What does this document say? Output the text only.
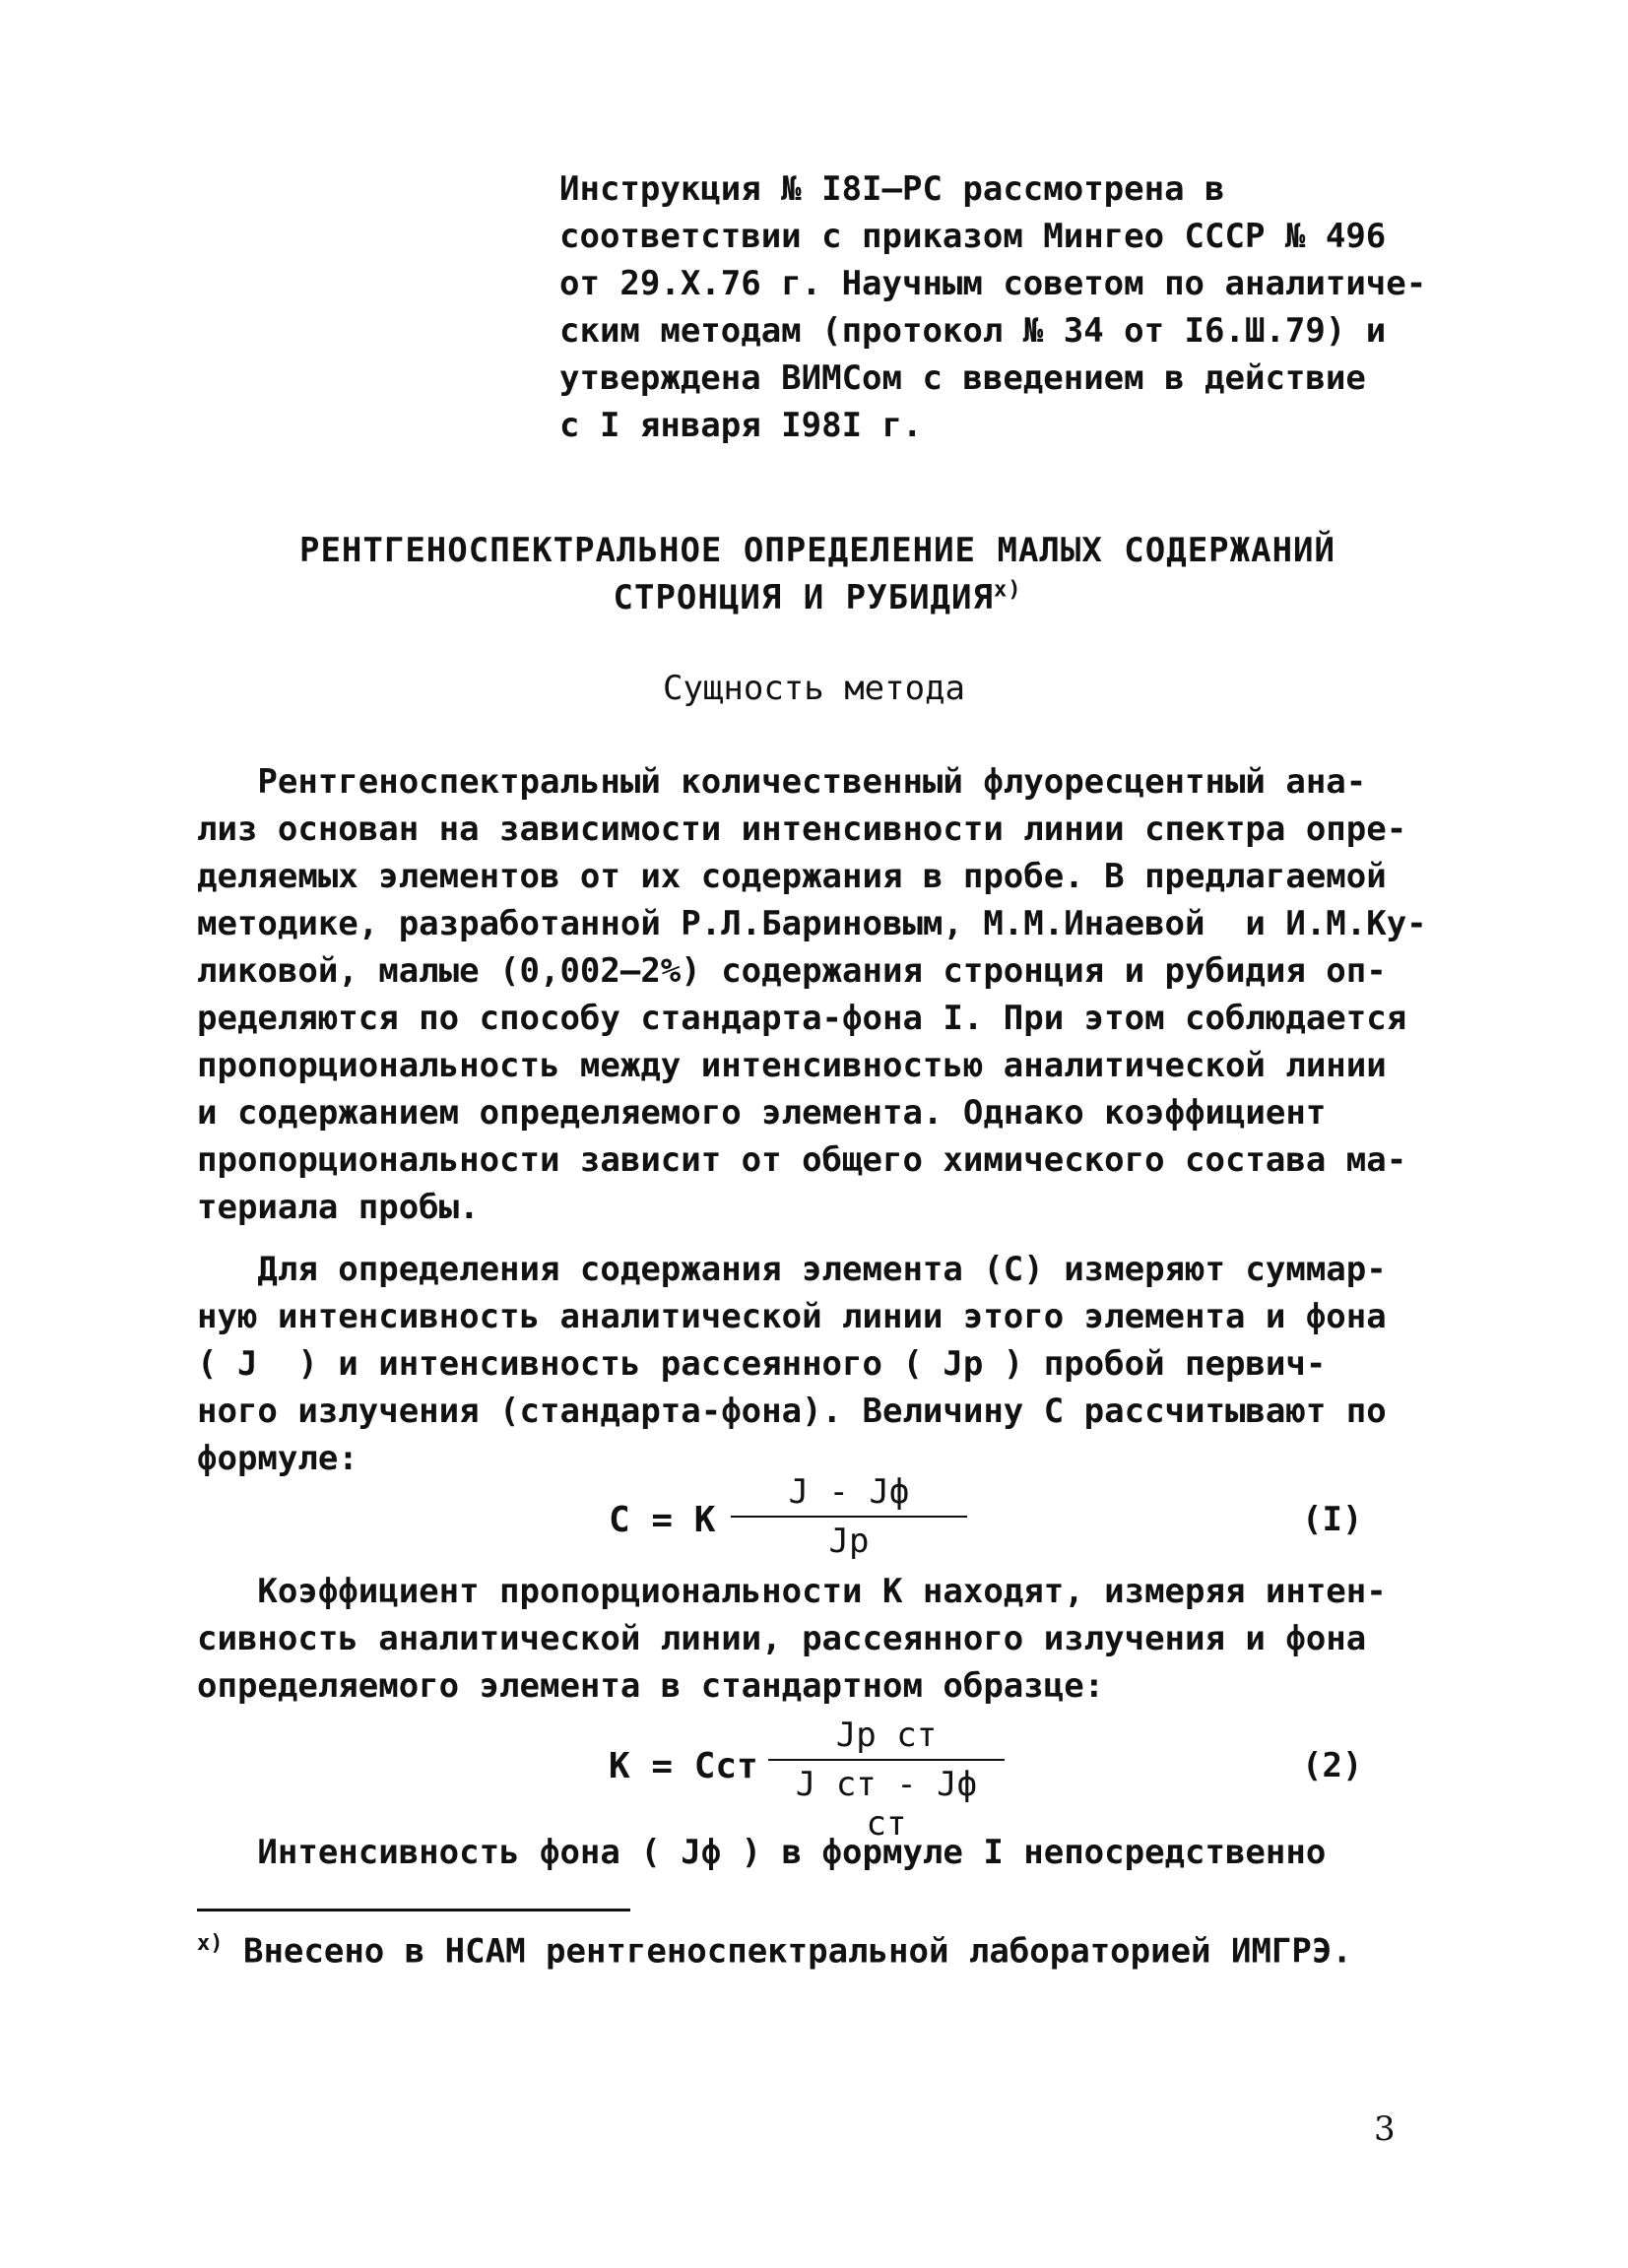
Инструкция № I8I–РС рассмотрена в
соответствии с приказом Мингео СССР № 496
от 29.Х.76 г. Научным советом по аналитиче-
ским методам (протокол № 34 от I6.Ш.79) и
утверждена ВИМСом с введением в действие
с I января I98I г.
РЕНТГЕНОСПЕКТРАЛЬНОЕ ОПРЕДЕЛЕНИЕ МАЛЫХ СОДЕРЖАНИЙ
СТРОНЦИЯ И $РУБИДИЯ^{х)}$
Сущность метода
Рентгеноспектральный количественный флуоресцентный ана-
лиз основан на зависимости интенсивности линии спектра опре-
деляемых элементов от их содержания в пробе. В предлагаемой
методике, разработанной Р.Л.Бариновым, М.М.Инаевой  и И.М.Ку-
ликовой, малые (0,002–2%) содержания стронция и рубидия оп-
ределяются по способу стандарта-фона I. При этом соблюдается
пропорциональность между интенсивностью аналитической линии
и содержанием определяемого элемента. Однако коэффициент
пропорциональности зависит от общего химического состава ма-
териала пробы.
Для определения содержания элемента (С) измеряют суммар-
ную интенсивность аналитической линии этого элемента и фона
( J  ) и интенсивность рассеянного ( Jp ) пробой первич-
ного излучения (стандарта-фона). Величину С рассчитывают по
формуле:
С = К
J - Jф
Jp
(I)
Коэффициент пропорциональности К находят, измеряя интен-
сивность аналитической линии, рассеянного излучения и фона
определяемого элемента в стандартном образце:
К = Сcт
Jp cт
J cт - Jф cт
(2)
Интенсивность фона ( Jф ) в формуле I непосредственно
$^{х)}$ Внесено в НСАМ рентгеноспектральной лабораторией ИМГРЭ.
3
